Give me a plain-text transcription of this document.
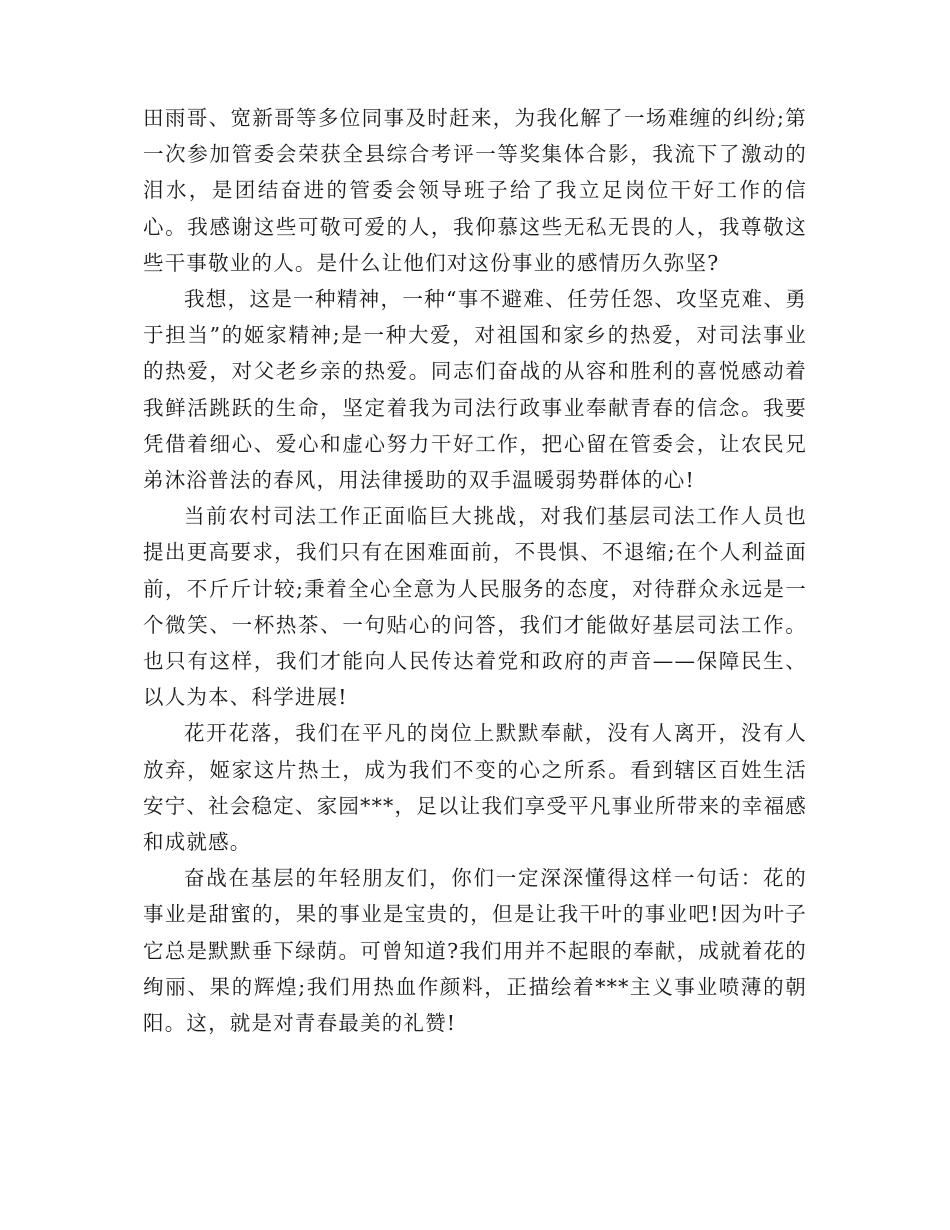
田雨哥、宽新哥等多位同事及时赶来，为我化解了一场难缠的纠纷;第一次参加管委会荣获全县综合考评一等奖集体合影，我流下了激动的泪水，是团结奋进的管委会领导班子给了我立足岗位干好工作的信心。我感谢这些可敬可爱的人，我仰慕这些无私无畏的人，我尊敬这些干事敬业的人。是什么让他们对这份事业的感情历久弥坚?

我想，这是一种精神，一种“事不避难、任劳任怨、攻坚克难、勇于担当”的姬家精神;是一种大爱，对祖国和家乡的热爱，对司法事业的热爱，对父老乡亲的热爱。同志们奋战的从容和胜利的喜悦感动着我鲜活跳跃的生命，坚定着我为司法行政事业奉献青春的信念。我要凭借着细心、爱心和虚心努力干好工作，把心留在管委会，让农民兄弟沐浴普法的春风，用法律援助的双手温暖弱势群体的心!

当前农村司法工作正面临巨大挑战，对我们基层司法工作人员也提出更高要求，我们只有在困难面前，不畏惧、不退缩;在个人利益面前，不斤斤计较;秉着全心全意为人民服务的态度，对待群众永远是一个微笑、一杯热茶、一句贴心的问答，我们才能做好基层司法工作。也只有这样，我们才能向人民传达着党和政府的声音——保障民生、以人为本、科学进展!

花开花落，我们在平凡的岗位上默默奉献，没有人离开，没有人放弃，姬家这片热土，成为我们不变的心之所系。看到辖区百姓生活安宁、社会稳定、家园***，足以让我们享受平凡事业所带来的幸福感和成就感。

奋战在基层的年轻朋友们，你们一定深深懂得这样一句话：花的事业是甜蜜的，果的事业是宝贵的，但是让我干叶的事业吧!因为叶子它总是默默垂下绿荫。可曾知道?我们用并不起眼的奉献，成就着花的绚丽、果的辉煌;我们用热血作颜料，正描绘着***主义事业喷薄的朝阳。这，就是对青春最美的礼赞!
